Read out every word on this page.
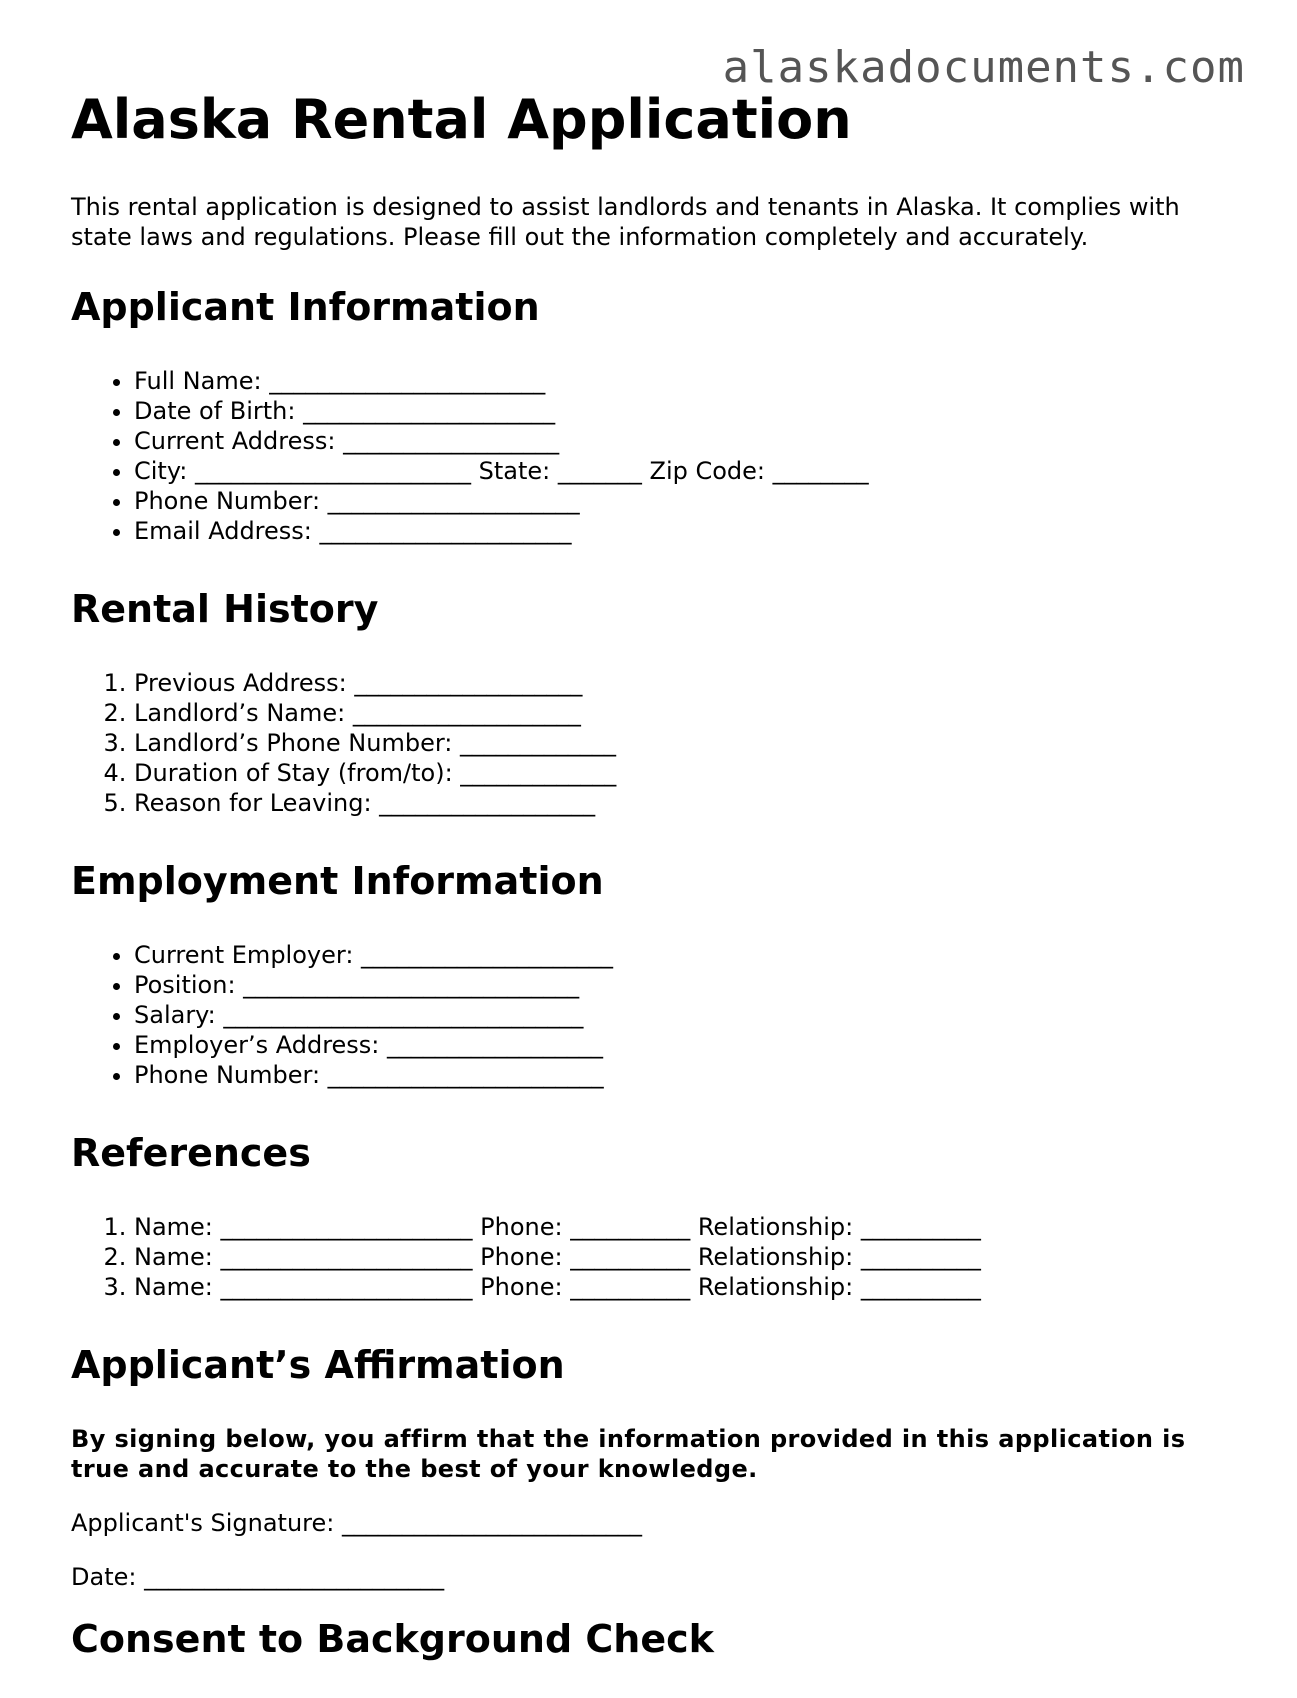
alaskadocuments.com
Alaska Rental Application

This rental application is designed to assist landlords and tenants in Alaska. It complies with state laws and regulations. Please fill out the information completely and accurately.

Applicant Information
• Full Name: _______________________
• Date of Birth: _____________________
• Current Address: __________________
• City: _______________________ State: _______ Zip Code: ________
• Phone Number: _____________________
• Email Address: _____________________
Rental History
1. Previous Address: ___________________
2. Landlord’s Name: ___________________
3. Landlord’s Phone Number: _____________
4. Duration of Stay (from/to): _____________
5. Reason for Leaving: __________________
Employment Information
• Current Employer: _____________________
• Position: ____________________________
• Salary: ______________________________
• Employer’s Address: __________________
• Phone Number: _______________________
References
1. Name: _____________________ Phone: __________ Relationship: __________
2. Name: _____________________ Phone: __________ Relationship: __________
3. Name: _____________________ Phone: __________ Relationship: __________
Applicant’s Affirmation

By signing below, you affirm that the information provided in this application is true and accurate to the best of your knowledge.

Applicant's Signature: _________________________

Date: _________________________

Consent to Background Check
